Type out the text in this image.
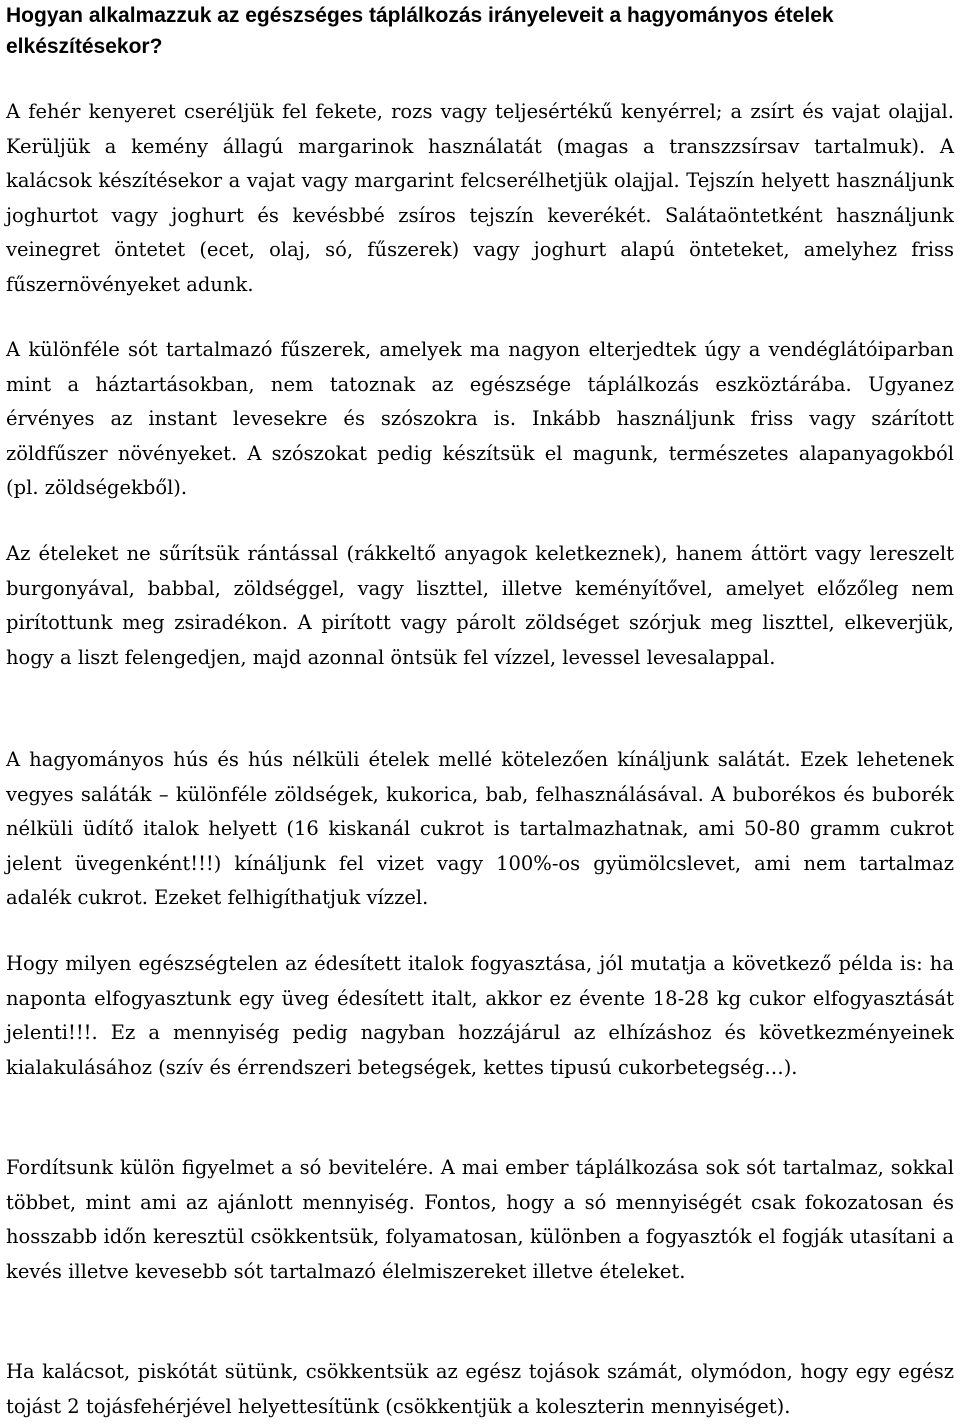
Hogyan alkalmazzuk az egészséges táplálkozás irányeleveit a hagyományos ételek elkészítésekor?

A fehér kenyeret cseréljük fel fekete, rozs vagy teljesértékű kenyérrel; a zsírt és vajat olajjal. Kerüljük a kemény állagú margarinok használatát (magas a transzzsírsav tartalmuk). A kalácsok készítésekor a vajat vagy margarint felcserélhetjük olajjal. Tejszín helyett használjunk joghurtot vagy joghurt és kevésbbé zsíros tejszín keverékét. Salátaöntetként használjunk veinegret öntetet (ecet, olaj, só, fűszerek) vagy joghurt alapú önteteket, amelyhez friss fűszernövényeket adunk.

A különféle sót tartalmazó fűszerek, amelyek ma nagyon elterjedtek úgy a vendéglátóiparban mint a háztartásokban, nem tatoznak az egészsége táplálkozás eszköztárába. Ugyanez érvényes az instant levesekre és szószokra is. Inkább használjunk friss vagy szárított zöldfűszer növényeket. A szószokat pedig készítsük el magunk, természetes alapanyagokból (pl. zöldségekből).

Az ételeket ne sűrítsük rántással (rákkeltő anyagok keletkeznek), hanem áttört vagy lereszelt burgonyával, babbal, zöldséggel, vagy liszttel, illetve keményítővel, amelyet előzőleg nem pirítottunk meg zsiradékon. A pirított vagy párolt zöldséget szórjuk meg liszttel, elkeverjük, hogy a liszt felengedjen, majd azonnal öntsük fel vízzel, levessel levesalappal.

A hagyományos hús és hús nélküli ételek mellé kötelezően kínáljunk salátát. Ezek lehetenek vegyes saláták – különféle zöldségek, kukorica, bab, felhasználásával. A buborékos és buborék nélküli üdítő italok helyett (16 kiskanál cukrot is tartalmazhatnak, ami 50-80 gramm cukrot jelent üvegenként!!!) kínáljunk fel vizet vagy 100%-os gyümölcslevet, ami nem tartalmaz adalék cukrot. Ezeket felhigíthatjuk vízzel.

Hogy milyen egészségtelen az édesített italok fogyasztása, jól mutatja a következő példa is: ha naponta elfogyasztunk egy üveg édesített italt, akkor ez évente 18-28 kg cukor elfogyasztását jelenti!!!. Ez a mennyiség pedig nagyban hozzájárul az elhízáshoz és következményeinek kialakulásához (szív és érrendszeri betegségek, kettes tipusú cukorbetegség…).

Fordítsunk külön figyelmet a só bevitelére. A mai ember táplálkozása sok sót tartalmaz, sokkal többet, mint ami az ajánlott mennyiség. Fontos, hogy a só mennyiségét csak fokozatosan és hosszabb időn keresztül csökkentsük, folyamatosan, különben a fogyasztók el fogják utasítani a kevés illetve kevesebb sót tartalmazó élelmiszereket illetve ételeket.

Ha kalácsot, piskótát sütünk, csökkentsük az egész tojások számát, olymódon, hogy egy egész tojást 2 tojásfehérjével helyettesítünk (csökkentjük a koleszterin mennyiséget).
